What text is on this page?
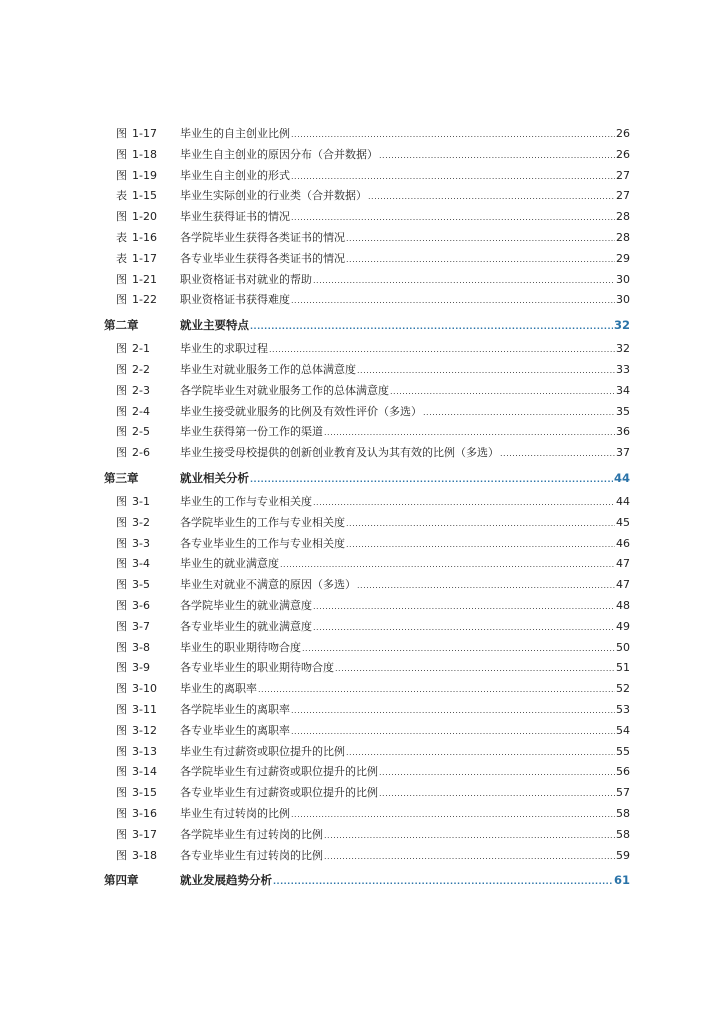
图 1-17 毕业生的自主创业比例 .....	26
图 1-18 毕业生自主创业的原因分布（合并数据） .....	26
图 1-19 毕业生自主创业的形式 .....	27
表 1-15 毕业生实际创业的行业类（合并数据） .....	27
图 1-20 毕业生获得证书的情况 .....	28
表 1-16 各学院毕业生获得各类证书的情况 .....	28
表 1-17 各专业毕业生获得各类证书的情况 .....	29
图 1-21 职业资格证书对就业的帮助 .....	30
图 1-22 职业资格证书获得难度 .....	30
第二章	就业主要特点 .....	32
图 2-1	毕业生的求职过程 .....	32
图 2-2	毕业生对就业服务工作的总体满意度 .....	33
图 2-3	各学院毕业生对就业服务工作的总体满意度 .....	34
图 2-4	毕业生接受就业服务的比例及有效性评价（多选） .....	35
图 2-5	毕业生获得第一份工作的渠道 .....	36
图 2-6	毕业生接受母校提供的创新创业教育及认为其有效的比例（多选） .....	37
第三章	就业相关分析 .....	44
图 3-1	毕业生的工作与专业相关度 .....	44
图 3-2	各学院毕业生的工作与专业相关度 .....	45
图 3-3	各专业毕业生的工作与专业相关度 .....	46
图 3-4	毕业生的就业满意度 .....	47
图 3-5	毕业生对就业不满意的原因（多选） .....	47
图 3-6	各学院毕业生的就业满意度 .....	48
图 3-7	各专业毕业生的就业满意度 .....	49
图 3-8	毕业生的职业期待吻合度 .....	50
图 3-9	各专业毕业生的职业期待吻合度 .....	51
图 3-10 毕业生的离职率 .....	52
图 3-11 各学院毕业生的离职率 .....	53
图 3-12 各专业毕业生的离职率 .....	54
图 3-13 毕业生有过薪资或职位提升的比例 .....	55
图 3-14 各学院毕业生有过薪资或职位提升的比例 .....	56
图 3-15 各专业毕业生有过薪资或职位提升的比例 .....	57
图 3-16 毕业生有过转岗的比例 .....	58
图 3-17 各学院毕业生有过转岗的比例 .....	58
图 3-18 各专业毕业生有过转岗的比例 .....	59
第四章	就业发展趋势分析 .....	61
